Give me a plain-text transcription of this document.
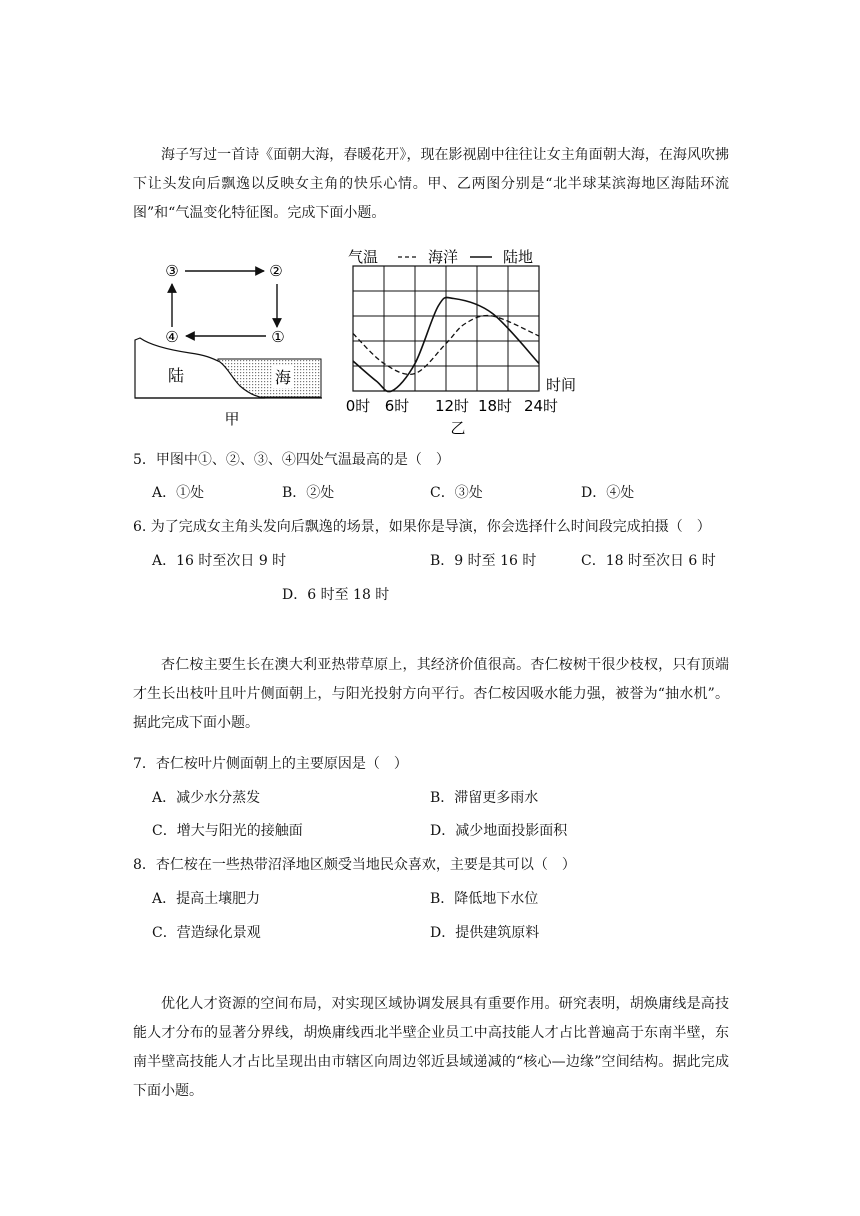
海子写过一首诗《面朝大海，春暖花开》，现在影视剧中往往让女主角面朝大海，在海风吹拂下让头发向后飘逸以反映女主角的快乐心情。甲、乙两图分别是“北半球某滨海地区海陆环流图”和“气温变化特征图。完成下面小题。

③	②
④	①
陆	海
甲
气温	海洋	陆地
时间
0时 6时 12时 18时 24时
乙
5．甲图中①、②、③、④四处气温最高的是（　）
A．①处	B．②处	C．③处	D．④处
6. 为了完成女主角头发向后飘逸的场景，如果你是导演，你会选择什么时间段完成拍摄（　）
A．16 时至次日 9 时	B．9 时至 16 时	C．18 时至次日 6 时
D．6 时至 18 时

杏仁桉主要生长在澳大利亚热带草原上，其经济价值很高。杏仁桉树干很少枝杈，只有顶端才生长出枝叶且叶片侧面朝上，与阳光投射方向平行。杏仁桉因吸水能力强，被誉为“抽水机”。据此完成下面小题。

7．杏仁桉叶片侧面朝上的主要原因是（　）
A．减少水分蒸发	B．滞留更多雨水
C．增大与阳光的接触面	D．减少地面投影面积
8．杏仁桉在一些热带沼泽地区颇受当地民众喜欢，主要是其可以（　）
A．提高土壤肥力	B．降低地下水位
C．营造绿化景观	D．提供建筑原料

优化人才资源的空间布局，对实现区域协调发展具有重要作用。研究表明，胡焕庸线是高技能人才分布的显著分界线，胡焕庸线西北半壁企业员工中高技能人才占比普遍高于东南半壁，东南半壁高技能人才占比呈现出由市辖区向周边邻近县域递减的“核心—边缘”空间结构。据此完成下面小题。
